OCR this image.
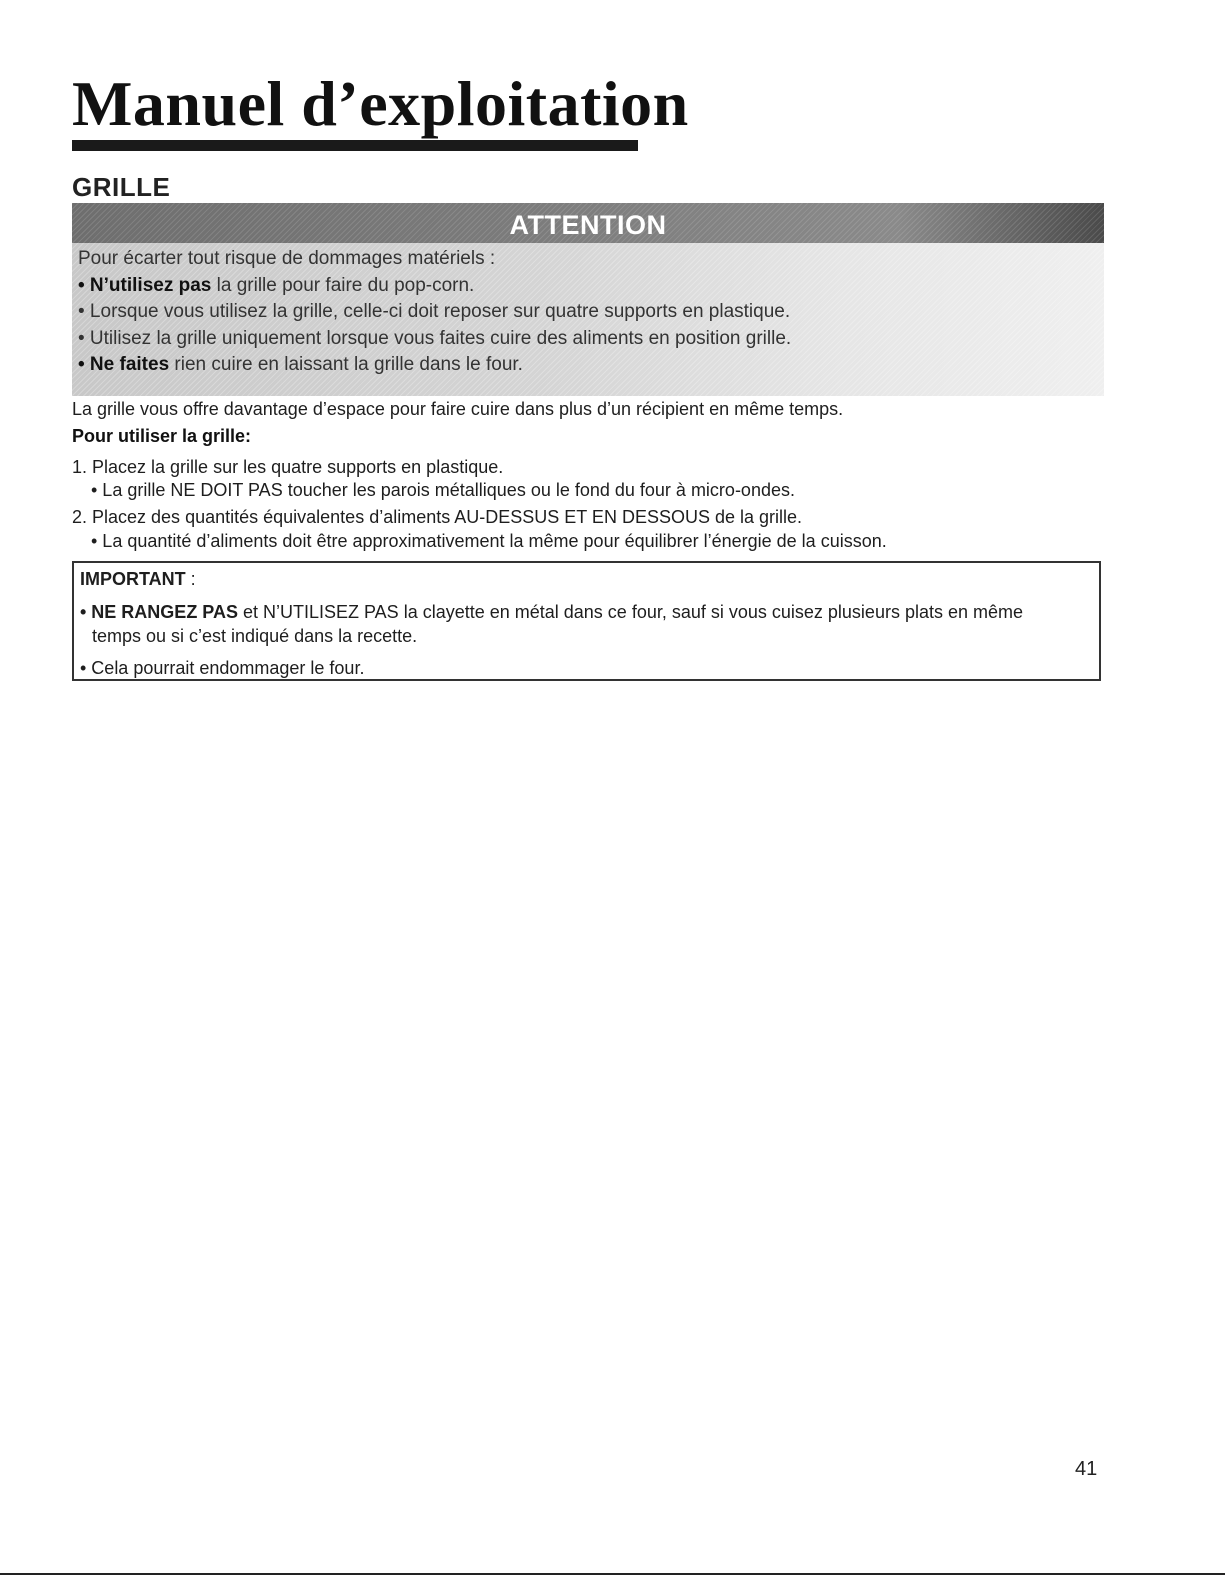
Manuel d’exploitation
GRILLE
ATTENTION
Pour écarter tout risque de dommages matériels :
• N’utilisez pas la grille pour faire du pop-corn.
• Lorsque vous utilisez la grille, celle-ci doit reposer sur quatre supports en plastique.
• Utilisez la grille uniquement lorsque vous faites cuire des aliments en position grille.
• Ne faites rien cuire en laissant la grille dans le four.

La grille vous offre davantage d’espace pour faire cuire dans plus d’un récipient en même temps.

Pour utiliser la grille:

1. Placez la grille sur les quatre supports en plastique.

• La grille NE DOIT PAS toucher les parois métalliques ou le fond du four à micro-ondes.

2. Placez des quantités équivalentes d’aliments AU-DESSUS ET EN DESSOUS de la grille.

• La quantité d’aliments doit être approximativement la même pour équilibrer l’énergie de la cuisson.

IMPORTANT :

• NE RANGEZ PAS et N’UTILISEZ PAS la clayette en métal dans ce four, sauf si vous cuisez plusieurs plats en même

temps ou si c’est indiqué dans la recette.

• Cela pourrait endommager le four.

41
